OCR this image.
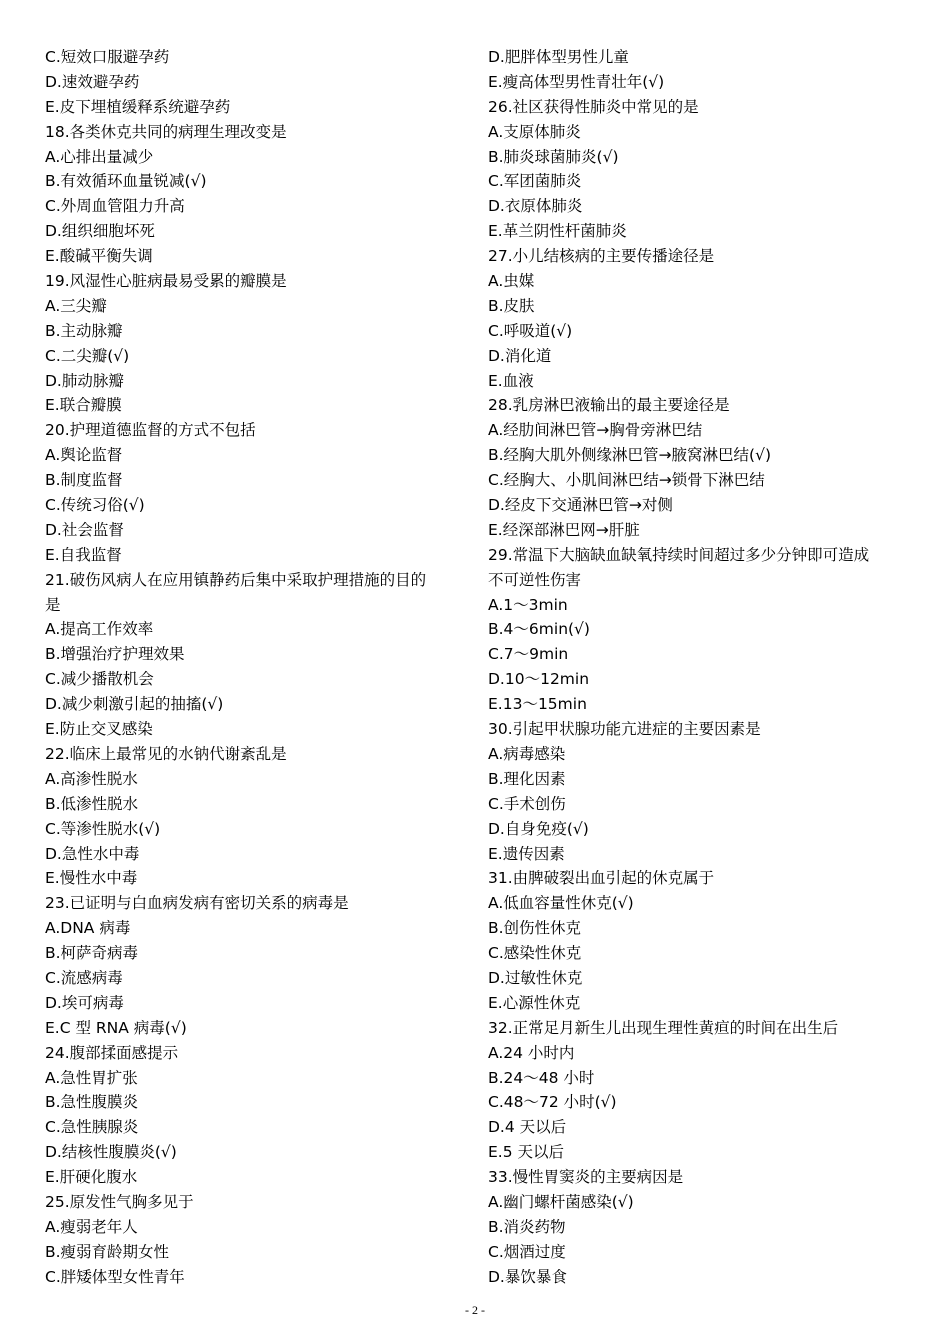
C.短效口服避孕药
D.速效避孕药
E.皮下埋植缓释系统避孕药
18.各类休克共同的病理生理改变是
A.心排出量减少
B.有效循环血量锐减(√)
C.外周血管阻力升高
D.组织细胞坏死
E.酸碱平衡失调
19.风湿性心脏病最易受累的瓣膜是
A.三尖瓣
B.主动脉瓣
C.二尖瓣(√)
D.肺动脉瓣
E.联合瓣膜
20.护理道德监督的方式不包括
A.舆论监督
B.制度监督
C.传统习俗(√)
D.社会监督
E.自我监督
21.破伤风病人在应用镇静药后集中采取护理措施的目的
是
A.提高工作效率
B.增强治疗护理效果
C.减少播散机会
D.减少刺激引起的抽搐(√)
E.防止交叉感染
22.临床上最常见的水钠代谢紊乱是
A.高渗性脱水
B.低渗性脱水
C.等渗性脱水(√)
D.急性水中毒
E.慢性水中毒
23.已证明与白血病发病有密切关系的病毒是
A.DNA 病毒
B.柯萨奇病毒
C.流感病毒
D.埃可病毒
E.C 型 RNA 病毒(√)
24.腹部揉面感提示
A.急性胃扩张
B.急性腹膜炎
C.急性胰腺炎
D.结核性腹膜炎(√)
E.肝硬化腹水
25.原发性气胸多见于
A.瘦弱老年人
B.瘦弱育龄期女性
C.胖矮体型女性青年
D.肥胖体型男性儿童
E.瘦高体型男性青壮年(√)
26.社区获得性肺炎中常见的是
A.支原体肺炎
B.肺炎球菌肺炎(√)
C.军团菌肺炎
D.衣原体肺炎
E.革兰阴性杆菌肺炎
27.小儿结核病的主要传播途径是
A.虫媒
B.皮肤
C.呼吸道(√)
D.消化道
E.血液
28.乳房淋巴液输出的最主要途径是
A.经肋间淋巴管→胸骨旁淋巴结
B.经胸大肌外侧缘淋巴管→腋窝淋巴结(√)
C.经胸大、小肌间淋巴结→锁骨下淋巴结
D.经皮下交通淋巴管→对侧
E.经深部淋巴网→肝脏
29.常温下大脑缺血缺氧持续时间超过多少分钟即可造成
不可逆性伤害
A.1～3min
B.4～6min(√)
C.7～9min
D.10～12min
E.13～15min
30.引起甲状腺功能亢进症的主要因素是
A.病毒感染
B.理化因素
C.手术创伤
D.自身免疫(√)
E.遗传因素
31.由脾破裂出血引起的休克属于
A.低血容量性休克(√)
B.创伤性休克
C.感染性休克
D.过敏性休克
E.心源性休克
32.正常足月新生儿出现生理性黄疸的时间在出生后
A.24 小时内
B.24～48 小时
C.48～72 小时(√)
D.4 天以后
E.5 天以后
33.慢性胃窦炎的主要病因是
A.幽门螺杆菌感染(√)
B.消炎药物
C.烟酒过度
D.暴饮暴食
- 2 -
